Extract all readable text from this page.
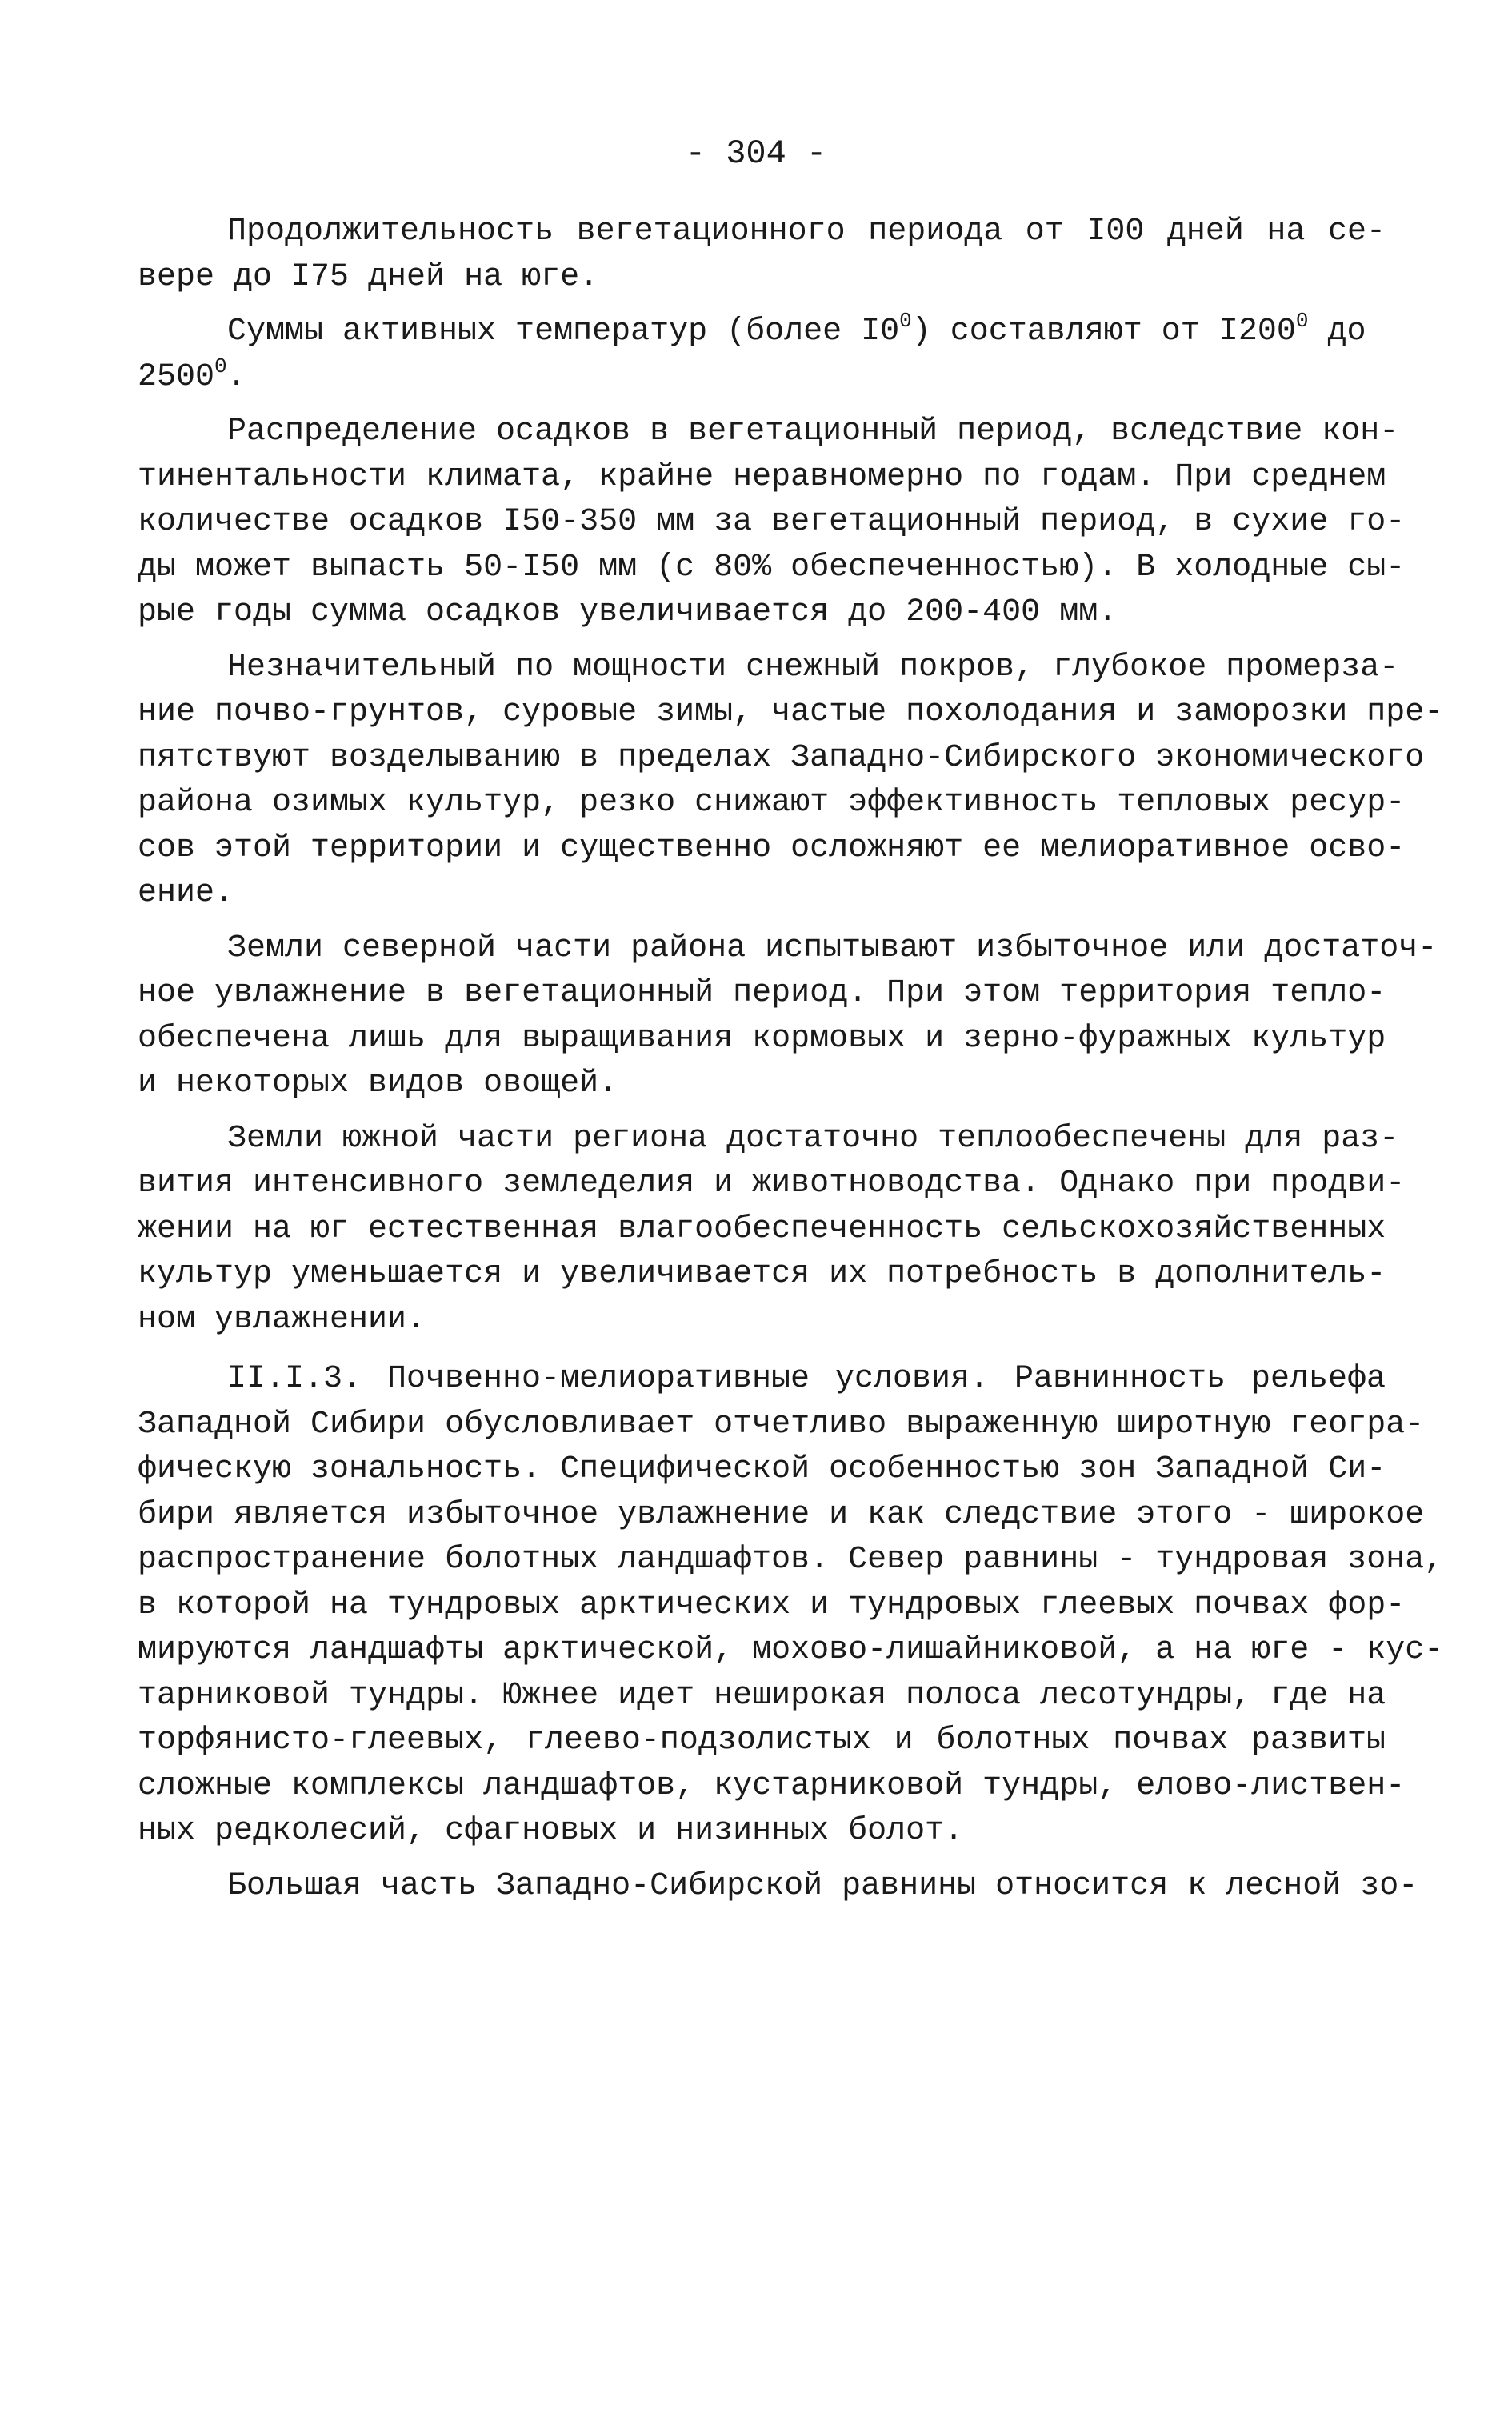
- 304 -
Продолжительность вегетационного периода от I00 дней на се-
вере до I75 дней на юге.
Суммы активных температур (более $I0^0$) составляют от $I200^0$ до
2500$^0$.
Распределение осадков в вегетационный период, вследствие кон-
тинентальности климата, крайне неравномерно по годам. При среднем
количестве осадков I50-350 мм за вегетационный период, в сухие го-
ды может выпасть 50-I50 мм (с 80% обеспеченностью). В холодные сы-
рые годы сумма осадков увеличивается до 200-400 мм.
Незначительный по мощности снежный покров, глубокое промерза-
ние почво-грунтов, суровые зимы, частые похолодания и заморозки пре-
пятствуют возделыванию в пределах Западно-Сибирского экономического
района озимых культур, резко снижают эффективность тепловых ресур-
сов этой территории и существенно осложняют ее мелиоративное осво-
ение.
Земли северной части района испытывают избыточное или достаточ-
ное увлажнение в вегетационный период. При этом территория тепло-
обеспечена лишь для выращивания кормовых и зерно-фуражных культур
и некоторых видов овощей.
Земли южной части региона достаточно теплообеспечены для раз-
вития интенсивного земледелия и животноводства. Однако при продви-
жении на юг естественная влагообеспеченность сельскохозяйственных
культур уменьшается и увеличивается их потребность в дополнитель-
ном увлажнении.
II.I.3. Почвенно-мелиоративные условия. Равнинность рельефа
Западной Сибири обусловливает отчетливо выраженную широтную геогра-
фическую зональность. Специфической особенностью зон Западной Си-
бири является избыточное увлажнение и как следствие этого - широкое
распространение болотных ландшафтов. Север равнины - тундровая зона,
в которой на тундровых арктических и тундровых глеевых почвах фор-
мируются ландшафты арктической, мохово-лишайниковой, а на юге - кус-
тарниковой тундры. Южнее идет неширокая полоса лесотундры, где на
торфянисто-глеевых, глеево-подзолистых и болотных почвах развиты
сложные комплексы ландшафтов, кустарниковой тундры, елово-листвен-
ных редколесий, сфагновых и низинных болот.
Большая часть Западно-Сибирской равнины относится к лесной зо-
